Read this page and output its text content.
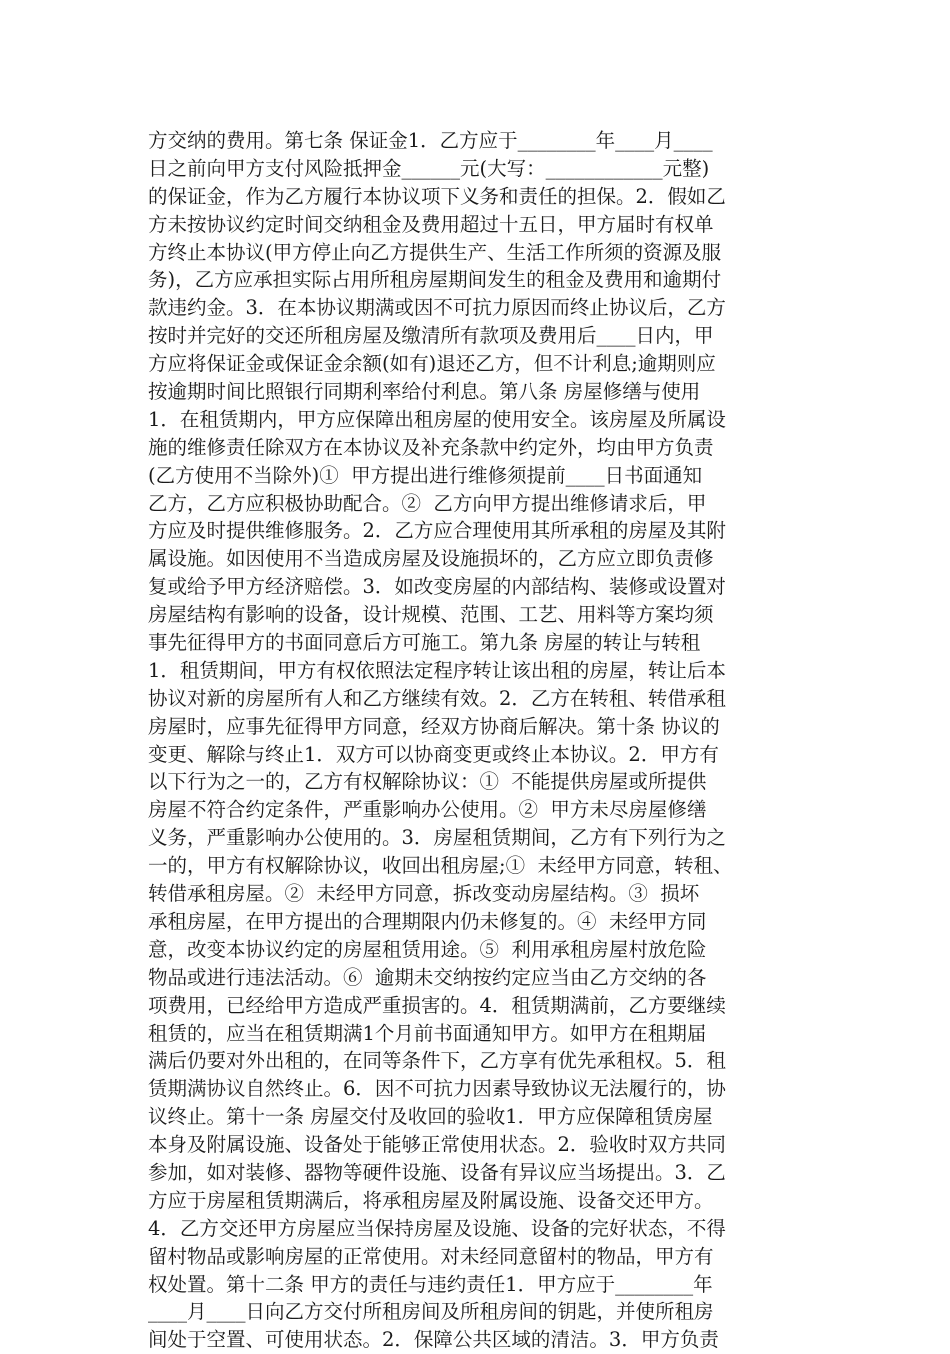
方交纳的费用。第七条 保证金1．乙方应于________年____月____
日之前向甲方支付风险抵押金______元(大写：____________元整)
的保证金，作为乙方履行本协议项下义务和责任的担保。2．假如乙
方未按协议约定时间交纳租金及费用超过十五日，甲方届时有权单
方终止本协议(甲方停止向乙方提供生产、生活工作所须的资源及服
务)，乙方应承担实际占用所租房屋期间发生的租金及费用和逾期付
款违约金。3．在本协议期满或因不可抗力原因而终止协议后，乙方
按时并完好的交还所租房屋及缴清所有款项及费用后____日内，甲
方应将保证金或保证金余额(如有)退还乙方，但不计利息;逾期则应
按逾期时间比照银行同期利率给付利息。第八条 房屋修缮与使用
1．在租赁期内，甲方应保障出租房屋的使用安全。该房屋及所属设
施的维修责任除双方在本协议及补充条款中约定外，均由甲方负责
(乙方使用不当除外)①  甲方提出进行维修须提前____日书面通知
乙方，乙方应积极协助配合。②  乙方向甲方提出维修请求后，甲
方应及时提供维修服务。2．乙方应合理使用其所承租的房屋及其附
属设施。如因使用不当造成房屋及设施损坏的，乙方应立即负责修
复或给予甲方经济赔偿。3．如改变房屋的内部结构、装修或设置对
房屋结构有影响的设备，设计规模、范围、工艺、用料等方案均须
事先征得甲方的书面同意后方可施工。第九条 房屋的转让与转租
1．租赁期间，甲方有权依照法定程序转让该出租的房屋，转让后本
协议对新的房屋所有人和乙方继续有效。2．乙方在转租、转借承租
房屋时，应事先征得甲方同意，经双方协商后解决。第十条 协议的
变更、解除与终止1．双方可以协商变更或终止本协议。2．甲方有
以下行为之一的，乙方有权解除协议：①  不能提供房屋或所提供
房屋不符合约定条件，严重影响办公使用。②  甲方未尽房屋修缮
义务，严重影响办公使用的。3．房屋租赁期间，乙方有下列行为之
一的，甲方有权解除协议，收回出租房屋;①  未经甲方同意，转租、
转借承租房屋。②  未经甲方同意，拆改变动房屋结构。③  损坏
承租房屋，在甲方提出的合理期限内仍未修复的。④  未经甲方同
意，改变本协议约定的房屋租赁用途。⑤  利用承租房屋村放危险
物品或进行违法活动。⑥  逾期未交纳按约定应当由乙方交纳的各
项费用，已经给甲方造成严重损害的。4．租赁期满前，乙方要继续
租赁的，应当在租赁期满1个月前书面通知甲方。如甲方在租期届
满后仍要对外出租的，在同等条件下，乙方享有优先承租权。5．租
赁期满协议自然终止。6．因不可抗力因素导致协议无法履行的，协
议终止。第十一条 房屋交付及收回的验收1．甲方应保障租赁房屋
本身及附属设施、设备处于能够正常使用状态。2．验收时双方共同
参加，如对装修、器物等硬件设施、设备有异议应当场提出。3．乙
方应于房屋租赁期满后，将承租房屋及附属设施、设备交还甲方。
4．乙方交还甲方房屋应当保持房屋及设施、设备的完好状态，不得
留村物品或影响房屋的正常使用。对未经同意留村的物品，甲方有
权处置。第十二条 甲方的责任与违约责任1．甲方应于________年
____月____日向乙方交付所租房间及所租房间的钥匙，并使所租房
间处于空置、可使用状态。2．保障公共区域的清洁。3．甲方负责
